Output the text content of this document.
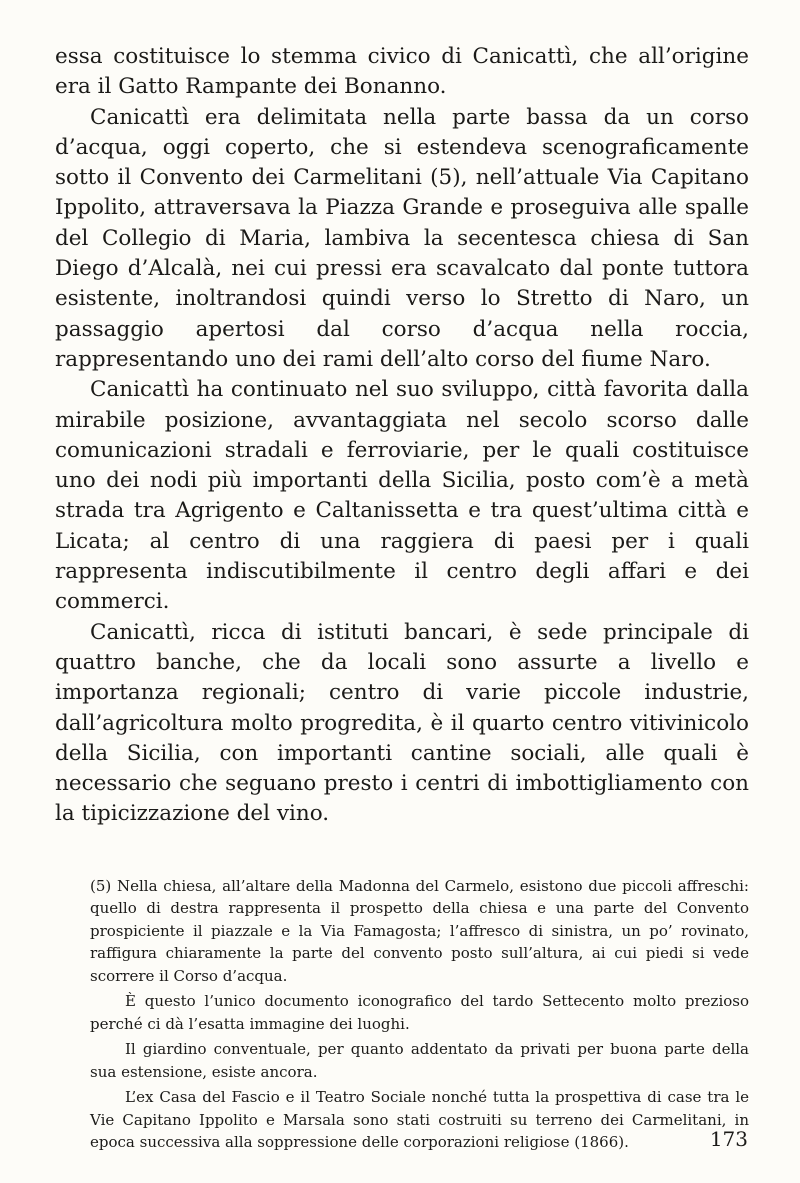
essa costituisce lo stemma civico di Canicattì, che all’origine era il Gatto Rampante dei Bonanno.

Canicattì era delimitata nella parte bassa da un corso d’acqua, oggi coperto, che si estendeva scenograficamente sotto il Convento dei Carmelitani (5), nell’attuale Via Capitano Ippolito, attraversava la Piazza Grande e proseguiva alle spalle del Collegio di Maria, lambiva la secentesca chiesa di San Diego d’Alcalà, nei cui pressi era scavalcato dal ponte tuttora esistente, inoltrandosi quindi verso lo Stretto di Naro, un passaggio apertosi dal corso d’acqua nella roccia, rappresentando uno dei rami dell’alto corso del fiume Naro.

Canicattì ha continuato nel suo sviluppo, città favorita dalla mirabile posizione, avvantaggiata nel secolo scorso dalle comunicazioni stradali e ferroviarie, per le quali costituisce uno dei nodi più importanti della Sicilia, posto com’è a metà strada tra Agrigento e Caltanissetta e tra quest’ultima città e Licata; al centro di una raggiera di paesi per i quali rappresenta indiscutibilmente il centro degli affari e dei commerci.

Canicattì, ricca di istituti bancari, è sede principale di quattro banche, che da locali sono assurte a livello e importanza regionali; centro di varie piccole industrie, dall’agricoltura molto progredita, è il quarto centro vitivinicolo della Sicilia, con importanti cantine sociali, alle quali è necessario che seguano presto i centri di imbottigliamento con la tipicizzazione del vino.

(5) Nella chiesa, all’altare della Madonna del Carmelo, esistono due piccoli affreschi: quello di destra rappresenta il prospetto della chiesa e una parte del Convento prospiciente il piazzale e la Via Famagosta; l’affresco di sinistra, un po’ rovinato, raffigura chiaramente la parte del convento posto sull’altura, ai cui piedi si vede scorrere il Corso d’acqua.

È questo l’unico documento iconografico del tardo Settecento molto prezioso perché ci dà l’esatta immagine dei luoghi.

Il giardino conventuale, per quanto addentato da privati per buona parte della sua estensione, esiste ancora.

L’ex Casa del Fascio e il Teatro Sociale nonché tutta la prospettiva di case tra le Vie Capitano Ippolito e Marsala sono stati costruiti su terreno dei Carmelitani, in epoca successiva alla soppressione delle corporazioni religiose (1866).	173
